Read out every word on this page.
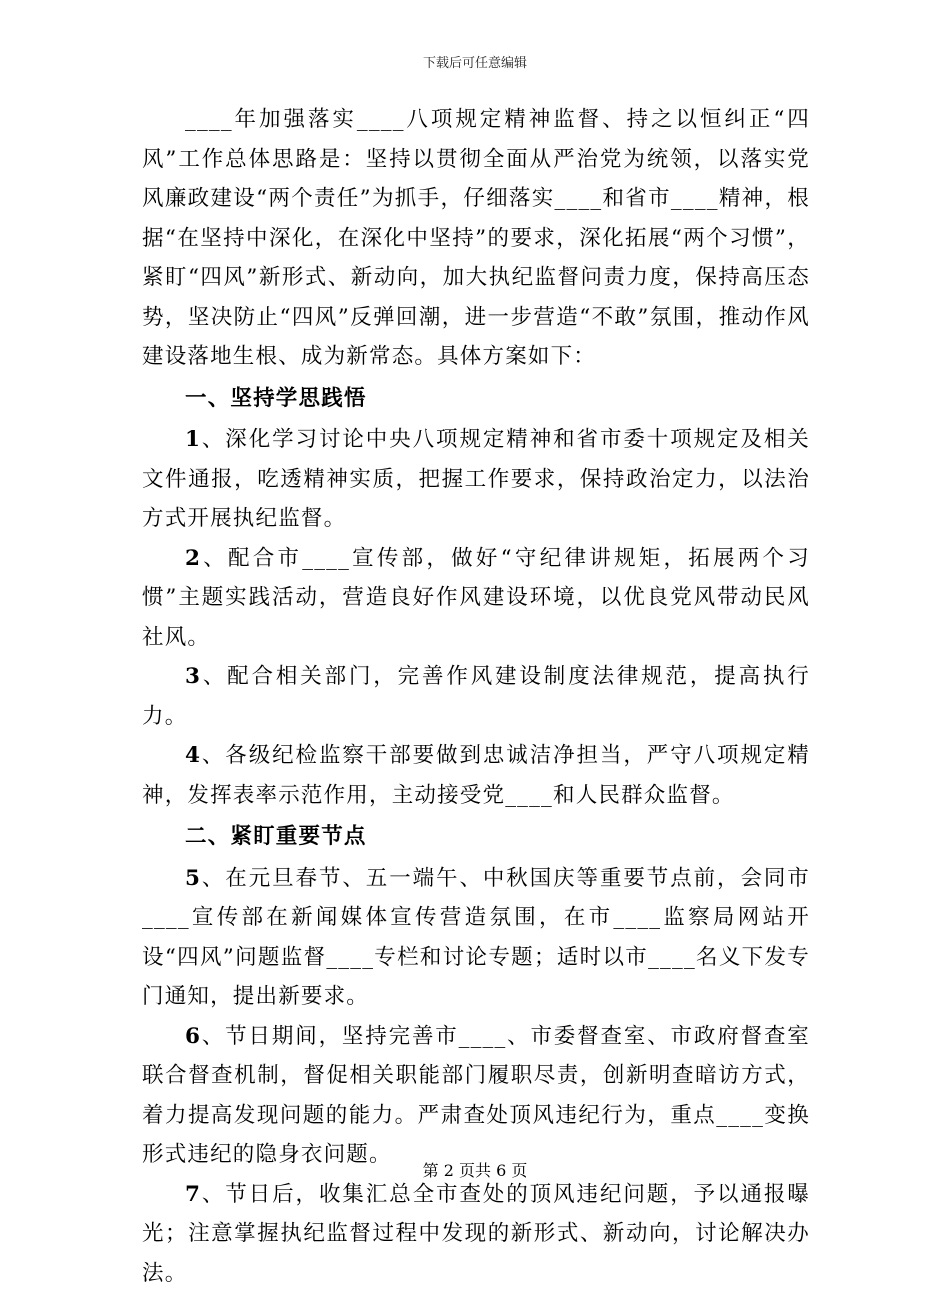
下载后可任意编辑

____年加强落实____八项规定精神监督、持之以恒纠正“四风”工作总体思路是：坚持以贯彻全面从严治党为统领，以落实党风廉政建设“两个责任”为抓手，仔细落实____和省市____精神，根据“在坚持中深化，在深化中坚持”的要求，深化拓展“两个习惯”，紧盯“四风”新形式、新动向，加大执纪监督问责力度，保持高压态势，坚决防止“四风”反弹回潮，进一步营造“不敢”氛围，推动作风建设落地生根、成为新常态。具体方案如下：

一、坚持学思践悟

1、深化学习讨论中央八项规定精神和省市委十项规定及相关文件通报，吃透精神实质，把握工作要求，保持政治定力，以法治方式开展执纪监督。

2、配合市____宣传部，做好“守纪律讲规矩，拓展两个习惯”主题实践活动，营造良好作风建设环境，以优良党风带动民风社风。

3、配合相关部门，完善作风建设制度法律规范，提高执行力。

4、各级纪检监察干部要做到忠诚洁净担当，严守八项规定精神，发挥表率示范作用，主动接受党____和人民群众监督。

二、紧盯重要节点

5、在元旦春节、五一端午、中秋国庆等重要节点前，会同市____宣传部在新闻媒体宣传营造氛围，在市____监察局网站开设“四风”问题监督____专栏和讨论专题；适时以市____名义下发专门通知，提出新要求。

6、节日期间，坚持完善市____、市委督查室、市政府督查室联合督查机制，督促相关职能部门履职尽责，创新明查暗访方式，着力提高发现问题的能力。严肃查处顶风违纪行为，重点____变换形式违纪的隐身衣问题。

7、节日后，收集汇总全市查处的顶风违纪问题，予以通报曝光；注意掌握执纪监督过程中发现的新形式、新动向，讨论解决办法。

第 2 页共 6 页
